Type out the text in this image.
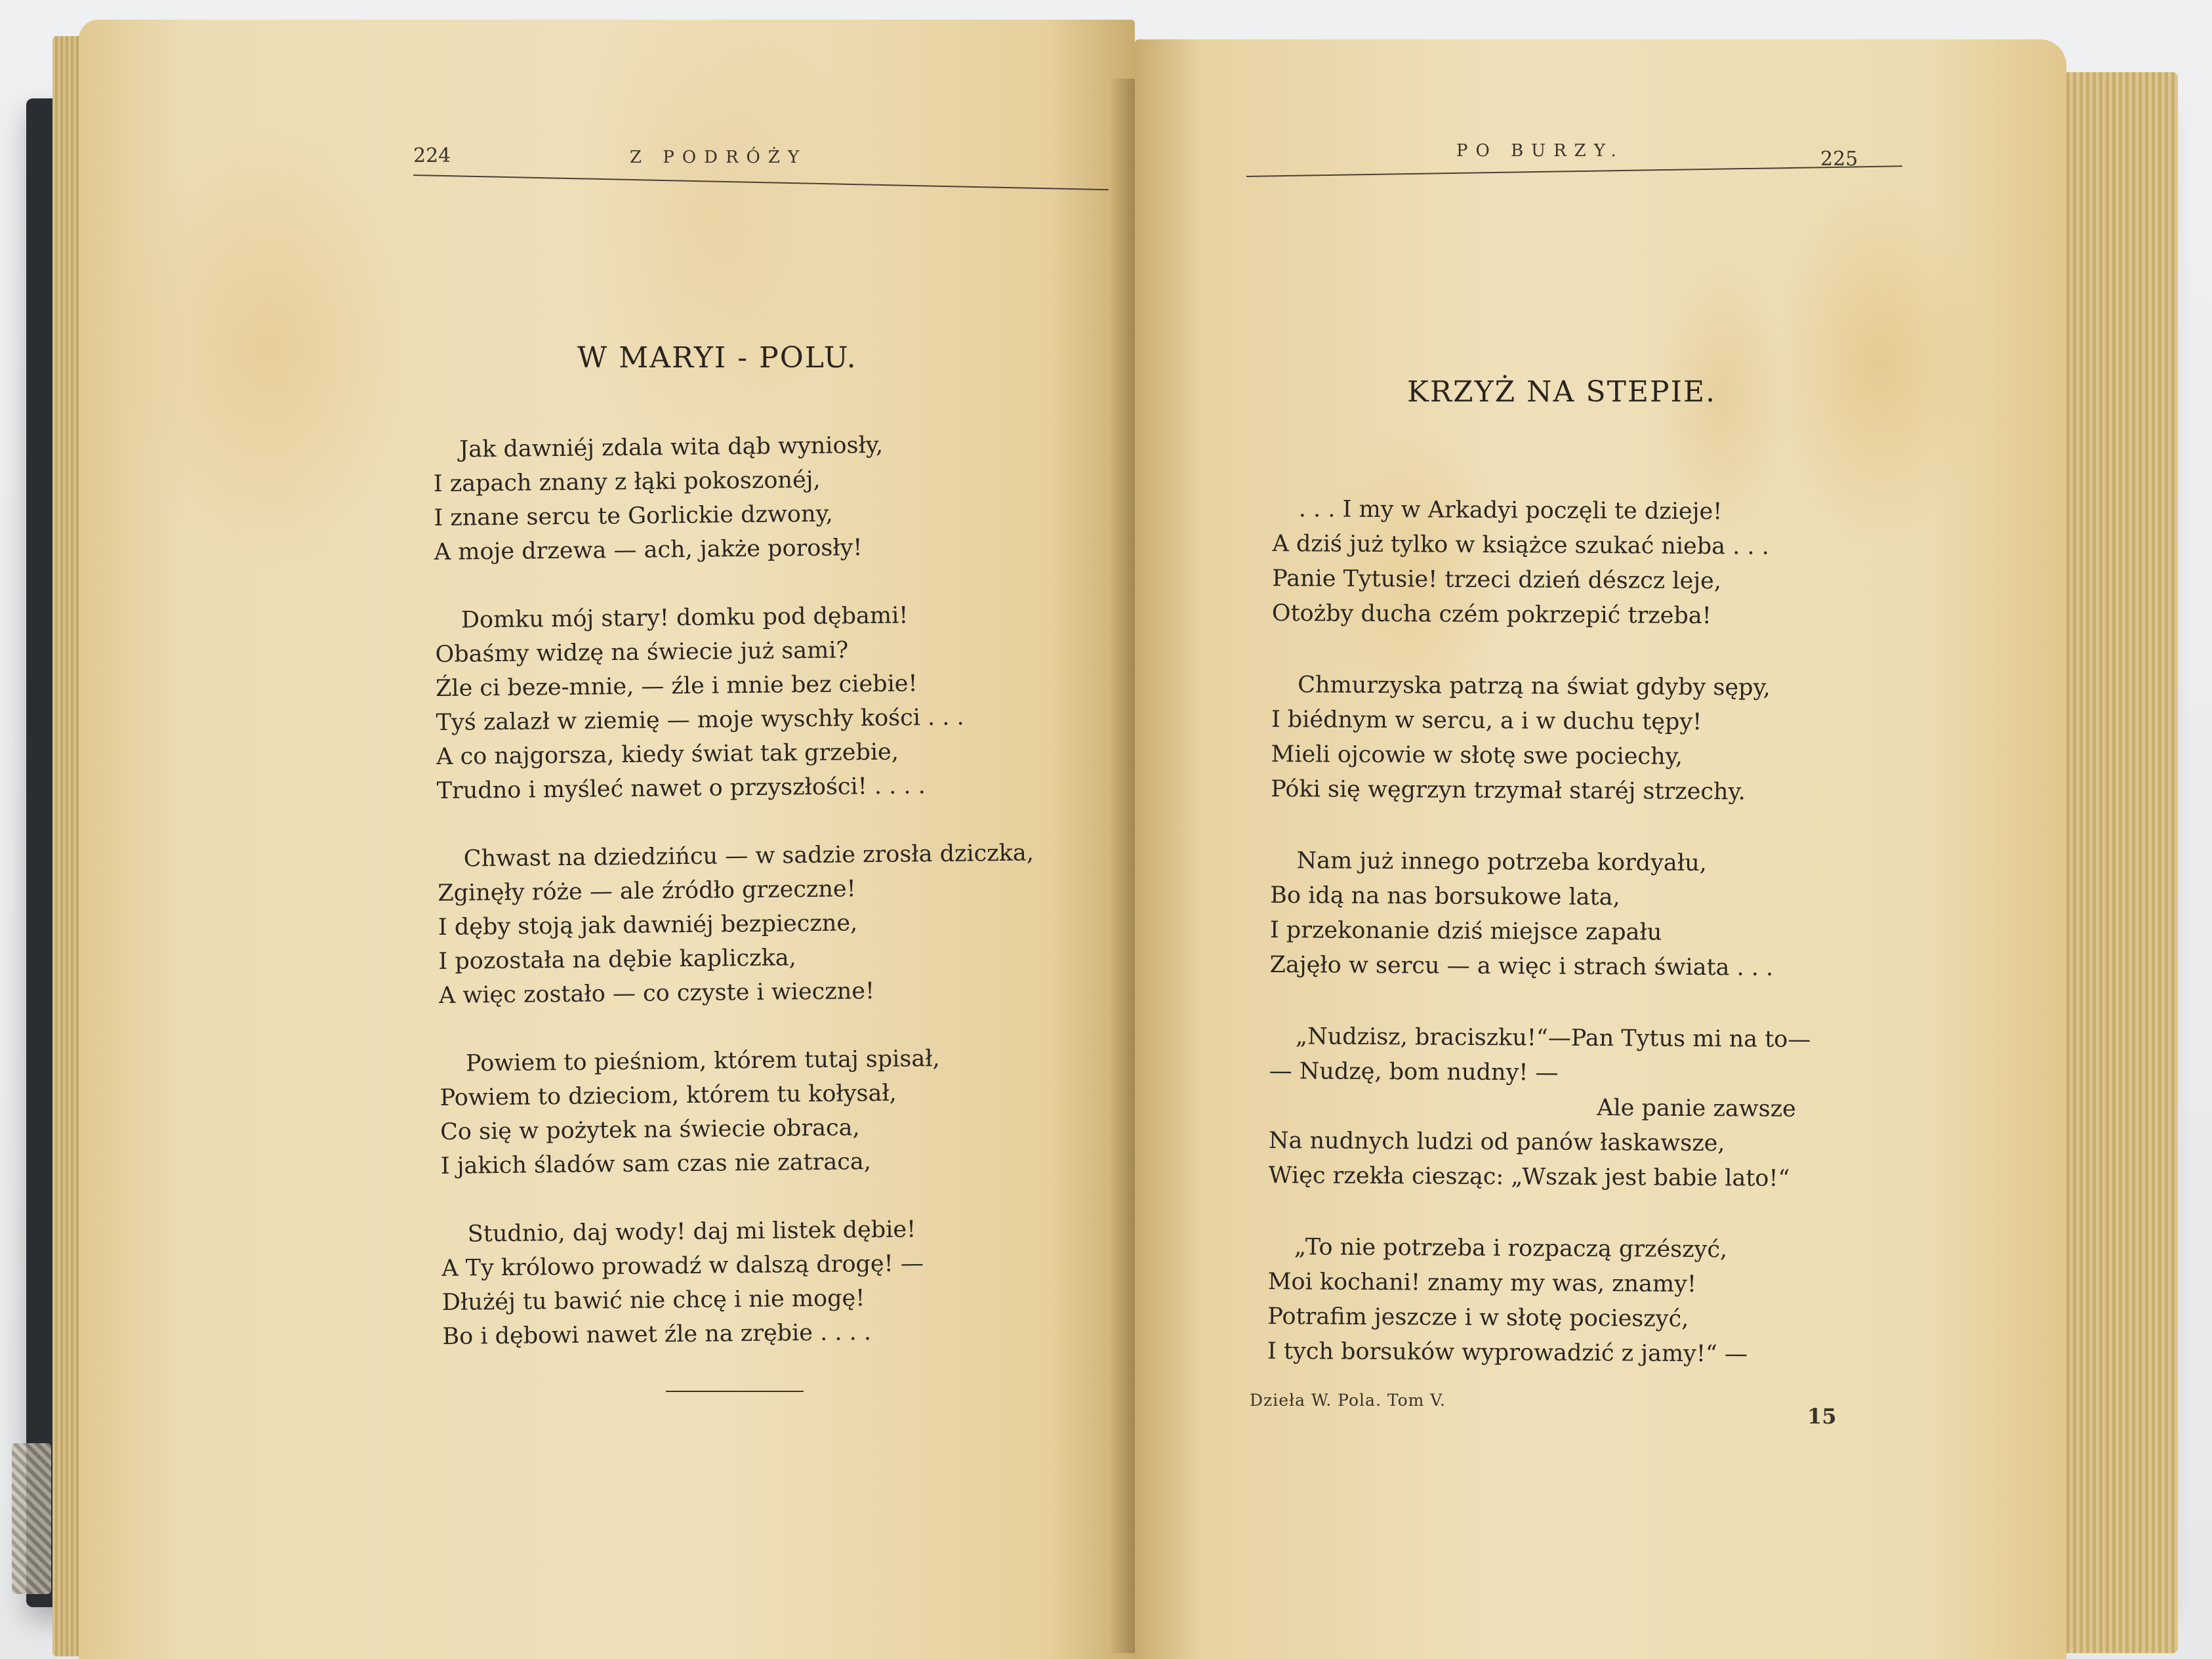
224	Z PODRÓŻY
W MARYI - POLU.
Jak dawniéj zdala wita dąb wyniosły,
I zapach znany z łąki pokoszonéj,
I znane sercu te Gorlickie dzwony,
A moje drzewa — ach, jakże porosły!
Domku mój stary! domku pod dębami!
Obaśmy widzę na świecie już sami?
Źle ci beze-mnie, — źle i mnie bez ciebie!
Tyś zalazł w ziemię — moje wyschły kości . . .
A co najgorsza, kiedy świat tak grzebie,
Trudno i myśleć nawet o przyszłości! . . . .
Chwast na dziedzińcu — w sadzie zrosła dziczka,
Zginęły róże — ale źródło grzeczne!
I dęby stoją jak dawniéj bezpieczne,
I pozostała na dębie kapliczka,
A więc zostało — co czyste i wieczne!
Powiem to pieśniom, którem tutaj spisał,
Powiem to dzieciom, którem tu kołysał,
Co się w pożytek na świecie obraca,
I jakich śladów sam czas nie zatraca,
Studnio, daj wody! daj mi listek dębie!
A Ty królowo prowadź w dalszą drogę! —
Dłużéj tu bawić nie chcę i nie mogę!
Bo i dębowi nawet źle na zrębie . . . .
PO BURZY.	225
KRZYŻ NA STEPIE.
. . . I my w Arkadyi poczęli te dzieje!
A dziś już tylko w książce szukać nieba . . .
Panie Tytusie! trzeci dzień dészcz leje,
Otożby ducha czém pokrzepić trzeba!
Chmurzyska patrzą na świat gdyby sępy,
I biédnym w sercu, a i w duchu tępy!
Mieli ojcowie w słotę swe pociechy,
Póki się węgrzyn trzymał staréj strzechy.
Nam już innego potrzeba kordyału,
Bo idą na nas borsukowe lata,
I przekonanie dziś miejsce zapału
Zajęło w sercu — a więc i strach świata . . .
„Nudzisz, braciszku!“—Pan Tytus mi na to—
— Nudzę, bom nudny! —
Ale panie zawsze
Na nudnych ludzi od panów łaskawsze,
Więc rzekła ciesząc: „Wszak jest babie lato!“
„To nie potrzeba i rozpaczą grzészyć,
Moi kochani! znamy my was, znamy!
Potrafim jeszcze i w słotę pocieszyć,
I tych borsuków wyprowadzić z jamy!“ —
Dzieła W. Pola. Tom V.
15
